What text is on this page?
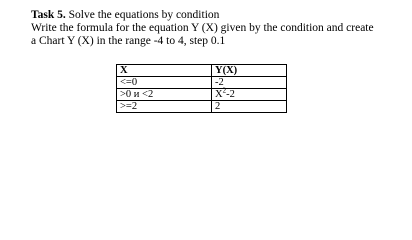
Task 5. Solve the equations by condition
Write the formula for the equation Y (X) given by the condition and create
a Chart Y (X) in the range -4 to 4, step 0.1
X	Y(X)
<=0	-2
>0 и <2	$X^2-2$
>=2	2
